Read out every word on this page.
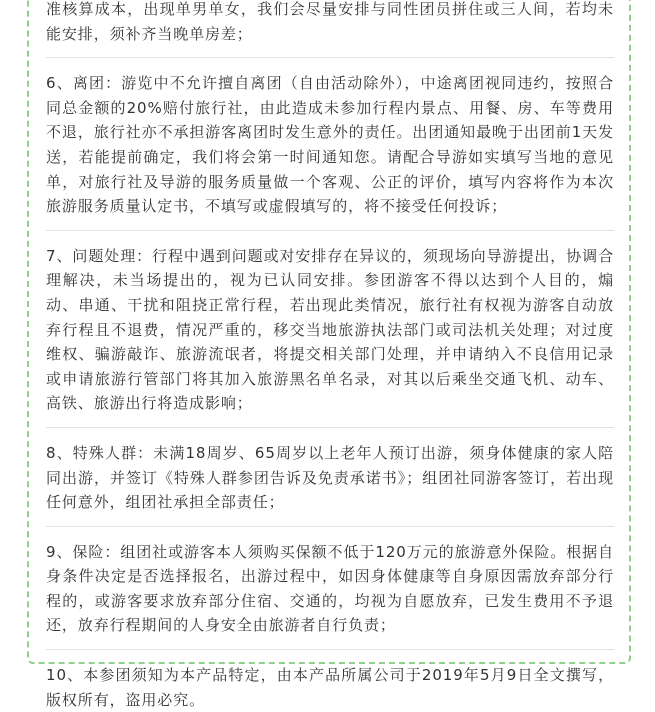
准核算成本，出现单男单女，我们会尽量安排与同性团员拼住或三人间，若均未能安排，须补齐当晚单房差；

6、离团：游览中不允许擅自离团（自由活动除外），中途离团视同违约，按照合同总金额的20%赔付旅行社，由此造成未参加行程内景点、用餐、房、车等费用不退，旅行社亦不承担游客离团时发生意外的责任。出团通知最晚于出团前1天发送，若能提前确定，我们将会第一时间通知您。请配合导游如实填写当地的意见单，对旅行社及导游的服务质量做一个客观、公正的评价，填写内容将作为本次旅游服务质量认定书，不填写或虚假填写的，将不接受任何投诉；

7、问题处理：行程中遇到问题或对安排存在异议的，须现场向导游提出，协调合理解决，未当场提出的，视为已认同安排。参团游客不得以达到个人目的，煽动、串通、干扰和阻挠正常行程，若出现此类情况，旅行社有权视为游客自动放弃行程且不退费，情况严重的，移交当地旅游执法部门或司法机关处理；对过度维权、骗游敲诈、旅游流氓者，将提交相关部门处理，并申请纳入不良信用记录或申请旅游行管部门将其加入旅游黑名单名录，对其以后乘坐交通飞机、动车、高铁、旅游出行将造成影响；

8、特殊人群：未满18周岁、65周岁以上老年人预订出游，须身体健康的家人陪同出游，并签订《特殊人群参团告诉及免责承诺书》；组团社同游客签订，若出现任何意外，组团社承担全部责任；

9、保险：组团社或游客本人须购买保额不低于120万元的旅游意外保险。根据自身条件决定是否选择报名，出游过程中，如因身体健康等自身原因需放弃部分行程的，或游客要求放弃部分住宿、交通的，均视为自愿放弃，已发生费用不予退还，放弃行程期间的人身安全由旅游者自行负责；

10、本参团须知为本产品特定，由本产品所属公司于2019年5月9日全文撰写，版权所有，盗用必究。
